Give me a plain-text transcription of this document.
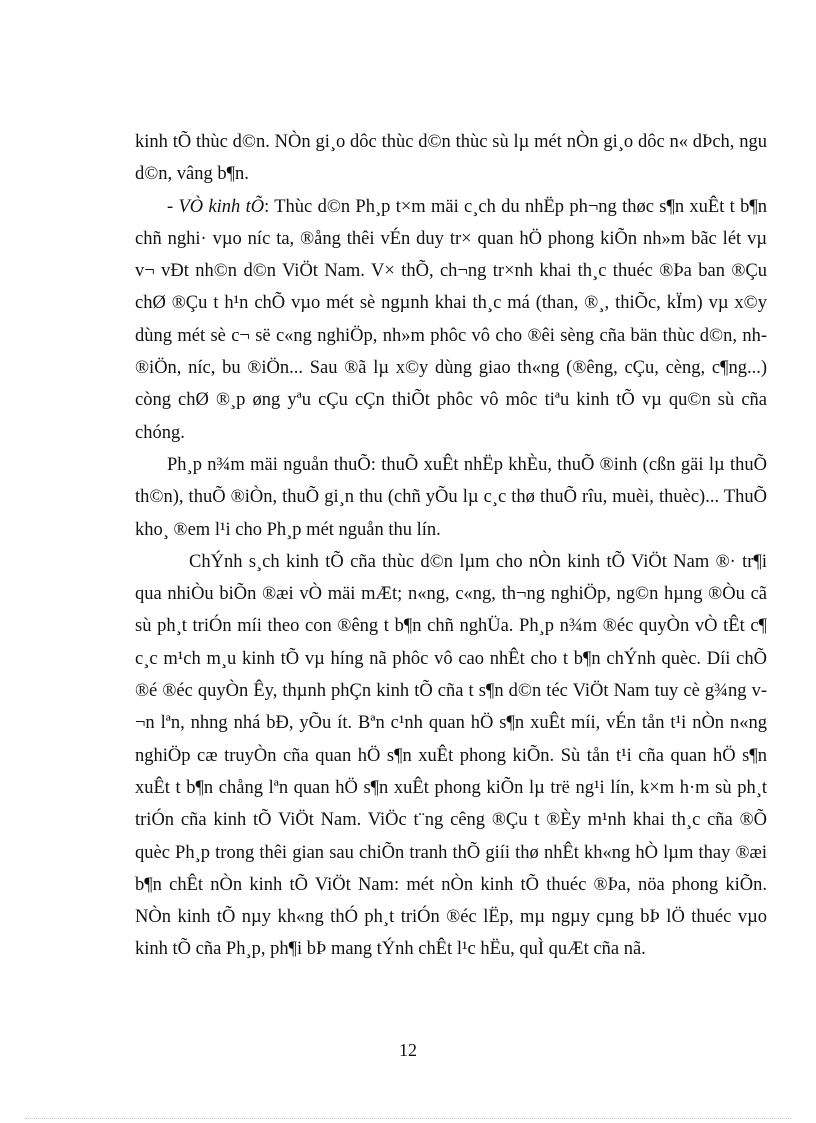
kinh tÕ thùc d©n. NÒn gi¸o dôc thùc d©n thùc sù lµ mét nÒn gi¸o dôc n« dÞch, ngu d©n, vâng b¶n.

- VÒ kinh tÕ: Thùc d©n Ph¸p t×m mäi c¸ch du nhËp ph¬ng thøc s¶n xuÊt t b¶n chñ nghi· vµo níc ta, ®ång thêi vÉn duy tr× quan hÖ phong kiÕn nh»m bãc lét vµ v¬ vÐt nh©n d©n ViÖt Nam. V× thÕ, ch¬ng tr×nh khai th¸c thuéc ®Þa ban ®Çu chØ ®Çu t h¹n chÕ vµo mét sè ngµnh khai th¸c má (than, ®¸, thiÕc, kÏm) vµ x©y dùng mét sè c¬ së c«ng nghiÖp, nh»m phôc vô cho ®êi sèng cña bän thùc d©n, nh ®iÖn, níc, bu ®iÖn... Sau ®ã lµ x©y dùng giao th«ng (®êng, cÇu, cèng, c¶ng...) còng chØ ®¸p øng yªu cÇu cÇn thiÕt phôc vô môc tiªu kinh tÕ vµ qu©n sù cña chóng.

Ph¸p n¾m mäi nguån thuÕ: thuÕ xuÊt nhËp khÈu, thuÕ ®inh (cßn gäi lµ thuÕ th©n), thuÕ ®iÒn, thuÕ gi¸n thu (chñ yÕu lµ c¸c thø thuÕ rîu, muèi, thuèc)... ThuÕ kho¸ ®em l¹i cho Ph¸p mét nguån thu lín.

ChÝnh s¸ch kinh tÕ cña thùc d©n lµm cho nÒn kinh tÕ ViÖt Nam ®· tr¶i qua nhiÒu biÕn ®æi vÒ mäi mÆt; n«ng, c«ng, th¬ng nghiÖp, ng©n hµng ®Òu cã sù ph¸t triÓn míi theo con ®êng t b¶n chñ nghÜa. Ph¸p n¾m ®éc quyÒn vÒ tÊt c¶ c¸c m¹ch m¸u kinh tÕ vµ híng nã phôc vô cao nhÊt cho t b¶n chÝnh quèc. Díi chÕ ®é ®éc quyÒn Êy, thµnh phÇn kinh tÕ cña t s¶n d©n téc ViÖt Nam tuy cè g¾ng v¬n lªn, nhng nhá bÐ, yÕu ít. Bªn c¹nh quan hÖ s¶n xuÊt míi, vÉn tån t¹i nÒn n«ng nghiÖp cæ truyÒn cña quan hÖ s¶n xuÊt phong kiÕn. Sù tån t¹i cña quan hÖ s¶n xuÊt t b¶n chång lªn quan hÖ s¶n xuÊt phong kiÕn lµ trë ng¹i lín, k×m h·m sù ph¸t triÓn cña kinh tÕ ViÖt Nam. ViÖc t¨ng cêng ®Çu t ®Èy m¹nh khai th¸c cña ®Õ quèc Ph¸p trong thêi gian sau chiÕn tranh thÕ giíi thø nhÊt kh«ng hÒ lµm thay ®æi b¶n chÊt nÒn kinh tÕ ViÖt Nam: mét nÒn kinh tÕ thuéc ®Þa, nöa phong kiÕn. NÒn kinh tÕ nµy kh«ng thÓ ph¸t triÓn ®éc lËp, mµ ngµy cµng bÞ lÖ thuéc vµo kinh tÕ cña Ph¸p, ph¶i bÞ mang tÝnh chÊt l¹c hËu, quÌ quÆt cña nã.

12
